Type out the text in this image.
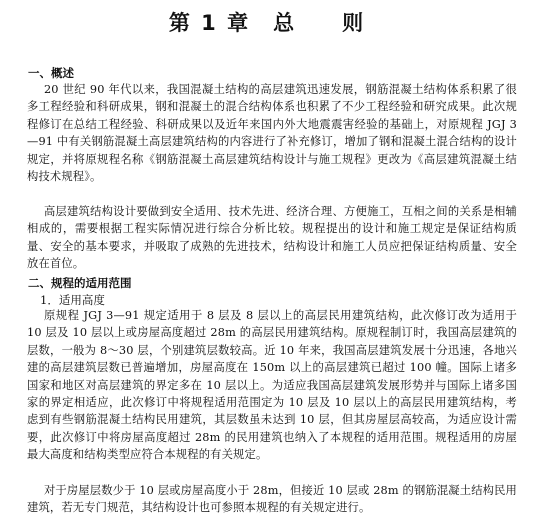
第 1 章　总　　则
一、概述

20 世纪 90 年代以来，我国混凝土结构的高层建筑迅速发展，钢筋混凝土结构体系积累了很多工程经验和科研成果，钢和混凝土的混合结构体系也积累了不少工程经验和研究成果。此次规程修订在总结工程经验、科研成果以及近年来国内外大地震震害经验的基础上，对原规程 JGJ 3—91 中有关钢筋混凝土高层建筑结构的内容进行了补充修订，增加了钢和混凝土混合结构的设计规定，并将原规程名称《钢筋混凝土高层建筑结构设计与施工规程》更改为《高层建筑混凝土结构技术规程》。

高层建筑结构设计要做到安全适用、技术先进、经济合理、方便施工，互相之间的关系是相辅相成的，需要根据工程实际情况进行综合分析比较。规程提出的设计和施工规定是保证结构质量、安全的基本要求，并吸取了成熟的先进技术，结构设计和施工人员应把保证结构质量、安全放在首位。

二、规程的适用范围
1．适用高度

原规程 JGJ 3—91 规定适用于 8 层及 8 层以上的高层民用建筑结构，此次修订改为适用于 10 层及 10 层以上或房屋高度超过 28m 的高层民用建筑结构。原规程制订时，我国高层建筑的层数，一般为 8～30 层，个别建筑层数较高。近 10 年来，我国高层建筑发展十分迅速，各地兴建的高层建筑层数已普遍增加，房屋高度在 150m 以上的高层建筑已超过 100 幢。国际上诸多国家和地区对高层建筑的界定多在 10 层以上。为适应我国高层建筑发展形势并与国际上诸多国家的界定相适应，此次修订中将规程适用范围定为 10 层及 10 层以上的高层民用建筑结构，考虑到有些钢筋混凝土结构民用建筑，其层数虽未达到 10 层，但其房屋层高较高，为适应设计需要，此次修订中将房屋高度超过 28m 的民用建筑也纳入了本规程的适用范围。规程适用的房屋最大高度和结构类型应符合本规程的有关规定。

对于房屋层数少于 10 层或房屋高度小于 28m，但接近 10 层或 28m 的钢筋混凝土结构民用建筑，若无专门规范，其结构设计也可参照本规程的有关规定进行。
